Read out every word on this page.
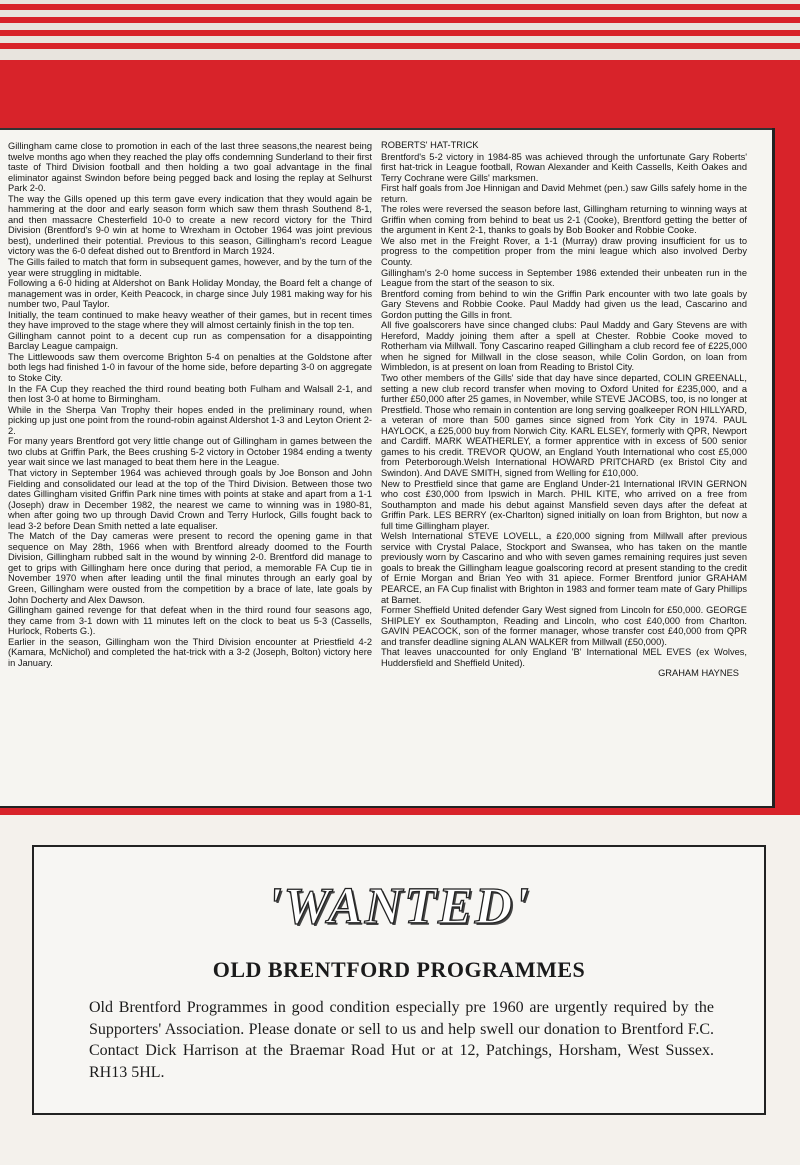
Gillingham came close to promotion in each of the last three seasons,the nearest being twelve months ago when they reached the play offs condemning Sunderland to their first taste of Third Division football and then holding a two goal advantage in the final eliminator against Swindon before being pegged back and losing the replay at Selhurst Park 2-0.

The way the Gills opened up this term gave every indication that they would again be hammering at the door and early season form which saw them thrash Southend 8-1, and then massacre Chesterfield 10-0 to create a new record victory for the Third Division (Brentford's 9-0 win at home to Wrexham in October 1964 was joint previous best), underlined their potential. Previous to this season, Gillingham's record League victory was the 6-0 defeat dished out to Brentford in March 1924.

The Gills failed to match that form in subsequent games, however, and by the turn of the year were struggling in midtable.

Following a 6-0 hiding at Aldershot on Bank Holiday Monday, the Board felt a change of management was in order, Keith Peacock, in charge since July 1981 making way for his number two, Paul Taylor.

Initially, the team continued to make heavy weather of their games, but in recent times they have improved to the stage where they will almost certainly finish in the top ten.

Gillingham cannot point to a decent cup run as compensation for a disappointing Barclay League campaign.

The Littlewoods saw them overcome Brighton 5-4 on penalties at the Goldstone after both legs had finished 1-0 in favour of the home side, before departing 3-0 on aggregate to Stoke City.

In the FA Cup they reached the third round beating both Fulham and Walsall 2-1, and then lost 3-0 at home to Birmingham.

While in the Sherpa Van Trophy their hopes ended in the preliminary round, when picking up just one point from the round-robin against Aldershot 1-3 and Leyton Orient 2-2.

For many years Brentford got very little change out of Gillingham in games between the two clubs at Griffin Park, the Bees crushing 5-2 victory in October 1984 ending a twenty year wait since we last managed to beat them here in the League.

That victory in September 1964 was achieved through goals by Joe Bonson and John Fielding and consolidated our lead at the top of the Third Division. Between those two dates Gillingham visited Griffin Park nine times with points at stake and apart from a 1-1 (Joseph) draw in December 1982, the nearest we came to winning was in 1980-81, when after going two up through David Crown and Terry Hurlock, Gills fought back to lead 3-2 before Dean Smith netted a late equaliser.

The Match of the Day cameras were present to record the opening game in that sequence on May 28th, 1966 when with Brentford already doomed to the Fourth Division, Gillingham rubbed salt in the wound by winning 2-0. Brentford did manage to get to grips with Gillingham here once during that period, a memorable FA Cup tie in November 1970 when after leading until the final minutes through an early goal by Green, Gillingham were ousted from the competition by a brace of late, late goals by John Docherty and Alex Dawson.

Gillingham gained revenge for that defeat when in the third round four seasons ago, they came from 3-1 down with 11 minutes left on the clock to beat us 5-3 (Cassells, Hurlock, Roberts G.).

Earlier in the season, Gillingham won the Third Division encounter at Priestfield 4-2 (Kamara, McNichol) and completed the hat-trick with a 3-2 (Joseph, Bolton) victory here in January.

ROBERTS' HAT-TRICK

Brentford's 5-2 victory in 1984-85 was achieved through the unfortunate Gary Roberts' first hat-trick in League football, Rowan Alexander and Keith Cassells, Keith Oakes and Terry Cochrane were Gills' marksmen.

First half goals from Joe Hinnigan and David Mehmet (pen.) saw Gills safely home in the return.

The roles were reversed the season before last, Gillingham returning to winning ways at Griffin when coming from behind to beat us 2-1 (Cooke), Brentford getting the better of the argument in Kent 2-1, thanks to goals by Bob Booker and Robbie Cooke.

We also met in the Freight Rover, a 1-1 (Murray) draw proving insufficient for us to progress to the competition proper from the mini league which also involved Derby County.

Gillingham's 2-0 home success in September 1986 extended their unbeaten run in the League from the start of the season to six.

Brentford coming from behind to win the Griffin Park encounter with two late goals by Gary Stevens and Robbie Cooke. Paul Maddy had given us the lead, Cascarino and Gordon putting the Gills in front.

All five goalscorers have since changed clubs: Paul Maddy and Gary Stevens are with Hereford, Maddy joining them after a spell at Chester. Robbie Cooke moved to Rotherham via Millwall. Tony Cascarino reaped Gillingham a club record fee of £225,000 when he signed for Millwall in the close season, while Colin Gordon, on loan from Wimbledon, is at present on loan from Reading to Bristol City.

Two other members of the Gills' side that day have since departed, COLIN GREENALL, setting a new club record transfer when moving to Oxford United for £235,000, and a further £50,000 after 25 games, in November, while STEVE JACOBS, too, is no longer at Prestfield. Those who remain in contention are long serving goalkeeper RON HILLYARD, a veteran of more than 500 games since signed from York City in 1974. PAUL HAYLOCK, a £25,000 buy from Norwich City. KARL ELSEY, formerly with QPR, Newport and Cardiff. MARK WEATHERLEY, a former apprentice with in excess of 500 senior games to his credit. TREVOR QUOW, an England Youth International who cost £5,000 from Peterborough.Welsh International HOWARD PRITCHARD (ex Bristol City and Swindon). And DAVE SMITH, signed from Welling for £10,000.

New to Prestfield since that game are England Under-21 International IRVIN GERNON who cost £30,000 from Ipswich in March. PHIL KITE, who arrived on a free from Southampton and made his debut against Mansfield seven days after the defeat at Griffin Park. LES BERRY (ex-Charlton) signed initially on loan from Brighton, but now a full time Gillingham player.

Welsh International STEVE LOVELL, a £20,000 signing from Millwall after previous service with Crystal Palace, Stockport and Swansea, who has taken on the mantle previously worn by Cascarino and who with seven games remaining requires just seven goals to break the Gillingham league goalscoring record at present standing to the credit of Ernie Morgan and Brian Yeo with 31 apiece. Former Brentford junior GRAHAM PEARCE, an FA Cup finalist with Brighton in 1983 and former team mate of Gary Phillips at Barnet.

Former Sheffield United defender Gary West signed from Lincoln for £50,000. GEORGE SHIPLEY ex Southampton, Reading and Lincoln, who cost £40,000 from Charlton. GAVIN PEACOCK, son of the former manager, whose transfer cost £40,000 from QPR and transfer deadline signing ALAN WALKER from Millwall (£50,000).

That leaves unaccounted for only England 'B' International MEL EVES (ex Wolves, Huddersfield and Sheffield United).

GRAHAM HAYNES
'WANTED'
OLD BRENTFORD PROGRAMMES
Old Brentford Programmes in good condition especially pre 1960 are urgently required by the Supporters' Association. Please donate or sell to us and help swell our donation to Brentford F.C. Contact Dick Harrison at the Braemar Road Hut or at 12, Patchings, Horsham, West Sussex. RH13 5HL.
